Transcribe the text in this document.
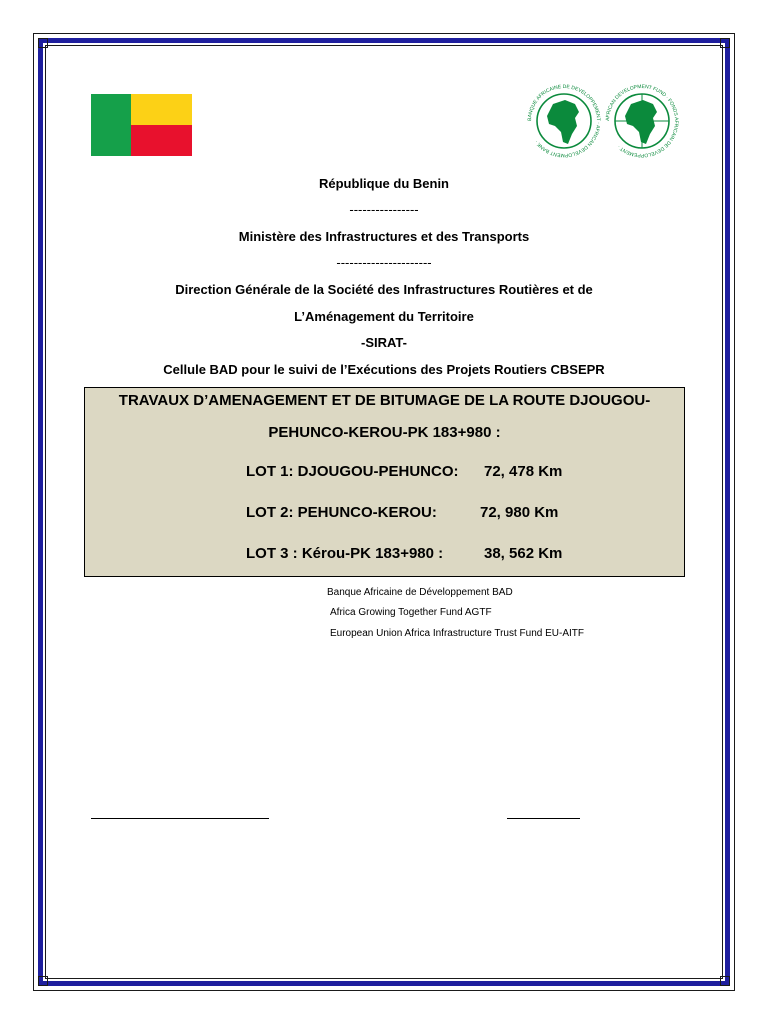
BANQUE AFRICAINE DE DEVELOPPEMENT · AFRICAN DEVELOPMENT BANK ·
AFRICAN DEVELOPMENT FUND · FONDS AFRICAIN DE DEVELOPPEMENT ·
République du Benin
----------------
Ministère des Infrastructures et des Transports
----------------------
Direction Générale de la Société des Infrastructures Routières et de
L’Aménagement du Territoire
-SIRAT-
Cellule BAD pour le suivi de l’Exécutions des Projets Routiers CBSEPR
TRAVAUX D’AMENAGEMENT ET DE BITUMAGE DE LA ROUTE DJOUGOU-
PEHUNCO-KEROU-PK 183+980 :
LOT 1: DJOUGOU-PEHUNCO: 72, 478 Km
LOT 2: PEHUNCO-KEROU:	72, 980 Km
LOT 3 : Kérou-PK 183+980 :	38, 562 Km
Banque Africaine de Développement BAD
Africa Growing Together Fund AGTF
European Union Africa Infrastructure Trust Fund EU-AITF
